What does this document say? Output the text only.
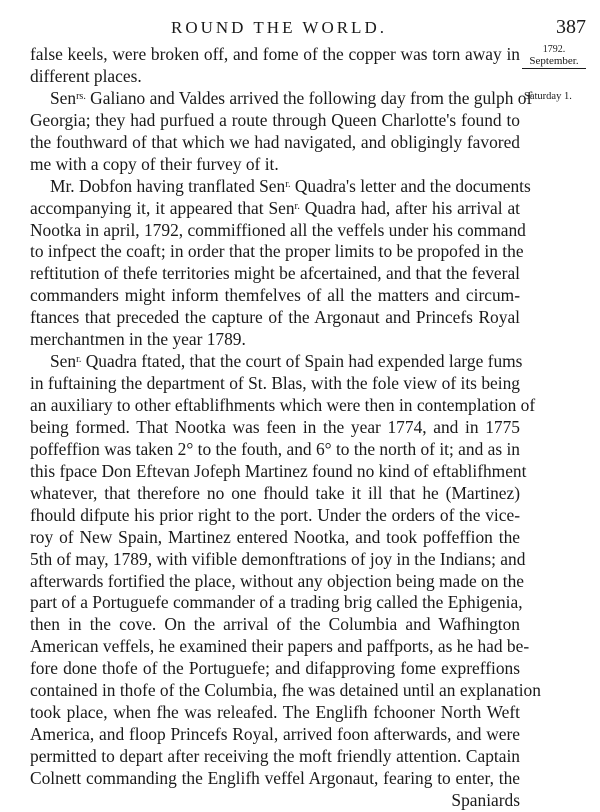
ROUND THE WORLD.	387
false keels, were broken off, and fome of the copper was torn away in
different places.
Sen$^{rs.}$ Galiano and Valdes arrived the following day from the gulph of
Georgia; they had purfued a route through Queen Charlotte's found to
the fouthward of that which we had navigated, and obligingly favored
me with a copy of their furvey of it.
Mr. Dobfon having tranflated Sen$^{r.}$ Quadra's letter and the documents
accompanying it, it appeared that Sen$^{r.}$ Quadra had, after his arrival at
Nootka in april, 1792, commiffioned all the veffels under his command
to infpect the coaft; in order that the proper limits to be propofed in the
reftitution of thefe territories might be afcertained, and that the feveral
commanders might inform themfelves of all the matters and circum-
ftances that preceded the capture of the Argonaut and Princefs Royal
merchantmen in the year 1789.
Sen$^{r.}$ Quadra ftated, that the court of Spain had expended large fums
in fuftaining the department of St. Blas, with the fole view of its being
an auxiliary to other eftablifhments which were then in contemplation of
being formed. That Nootka was feen in the year 1774, and in 1775
poffeffion was taken 2° to the fouth, and 6° to the north of it; and as in
this fpace Don Eftevan Jofeph Martinez found no kind of eftablifhment
whatever, that therefore no one fhould take it ill that he (Martinez)
fhould difpute his prior right to the port. Under the orders of the vice-
roy of New Spain, Martinez entered Nootka, and took poffeffion the
5th of may, 1789, with vifible demonftrations of joy in the Indians; and
afterwards fortified the place, without any objection being made on the
part of a Portuguefe commander of a trading brig called the Ephigenia,
then in the cove. On the arrival of the Columbia and Wafhington
American veffels, he examined their papers and paffports, as he had be-
fore done thofe of the Portuguefe; and difapproving fome expreffions
contained in thofe of the Columbia, fhe was detained until an explanation
took place, when fhe was releafed. The Englifh fchooner North Weft
America, and floop Princefs Royal, arrived foon afterwards, and were
permitted to depart after receiving the moft friendly attention. Captain
Colnett commanding the Englifh veffel Argonaut, fearing to enter, the
Spaniards
1792.
September.
Saturday 1.
